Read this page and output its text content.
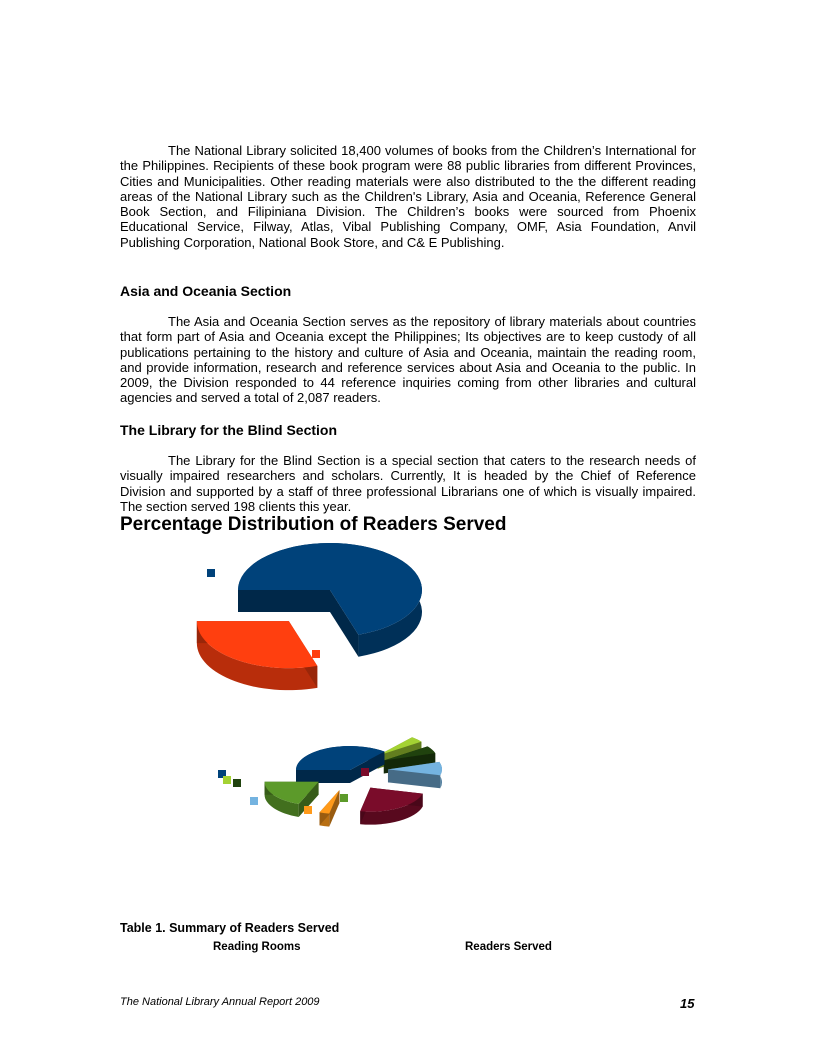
The National Library solicited 18,400 volumes of books from the Children’s International for the Philippines. Recipients of these book program were 88 public libraries from different Provinces, Cities and Municipalities. Other reading materials were also distributed to the the different reading areas of the National Library such as the Children's Library, Asia and Oceania, Reference General Book Section, and Filipiniana Division. The Children’s books were sourced from Phoenix Educational Service, Filway, Atlas, Vibal Publishing Company, OMF, Asia Foundation, Anvil Publishing Corporation, National Book Store, and C& E Publishing.

Asia and Oceania Section

The Asia and Oceania Section serves as the repository of library materials about countries that form part of Asia and Oceania except the Philippines; Its objectives are to keep custody of all publications pertaining to the history and culture of Asia and Oceania, maintain the reading room, and provide information, research and reference services about Asia and Oceania to the public. In 2009, the Division responded to 44 reference inquiries coming from other libraries and cultural agencies and served a total of 2,087 readers.

The Library for the Blind Section

The Library for the Blind Section is a special section that caters to the research needs of visually impaired researchers and scholars. Currently, It is headed by the Chief of Reference Division and supported by a staff of three professional Librarians one of which is visually impaired. The section served 198 clients this year.

Percentage Distribution of Readers Served

Table 1. Summary of Readers Served

Reading Rooms	Readers Served
The National Library Annual Report 2009	15
